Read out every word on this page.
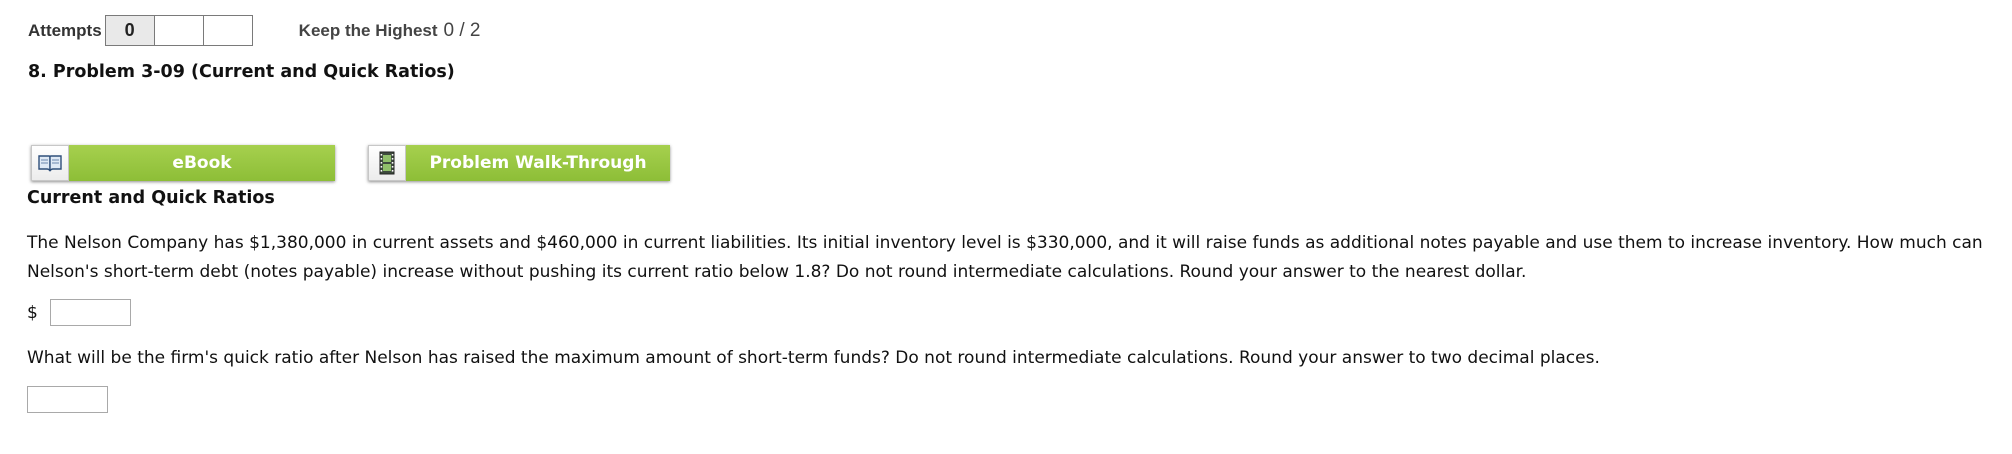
Attempts	0	Keep the Highest 0 / 2
8. Problem 3-09 (Current and Quick Ratios)
eBook	Problem Walk-Through
Current and Quick Ratios

The Nelson Company has $1,380,000 in current assets and $460,000 in current liabilities. Its initial inventory level is $330,000, and it will raise funds as additional notes payable and use them to increase inventory. How much can Nelson's short-term debt (notes payable) increase without pushing its current ratio below 1.8? Do not round intermediate calculations. Round your answer to the nearest dollar.

$

What will be the firm's quick ratio after Nelson has raised the maximum amount of short-term funds? Do not round intermediate calculations. Round your answer to two decimal places.
